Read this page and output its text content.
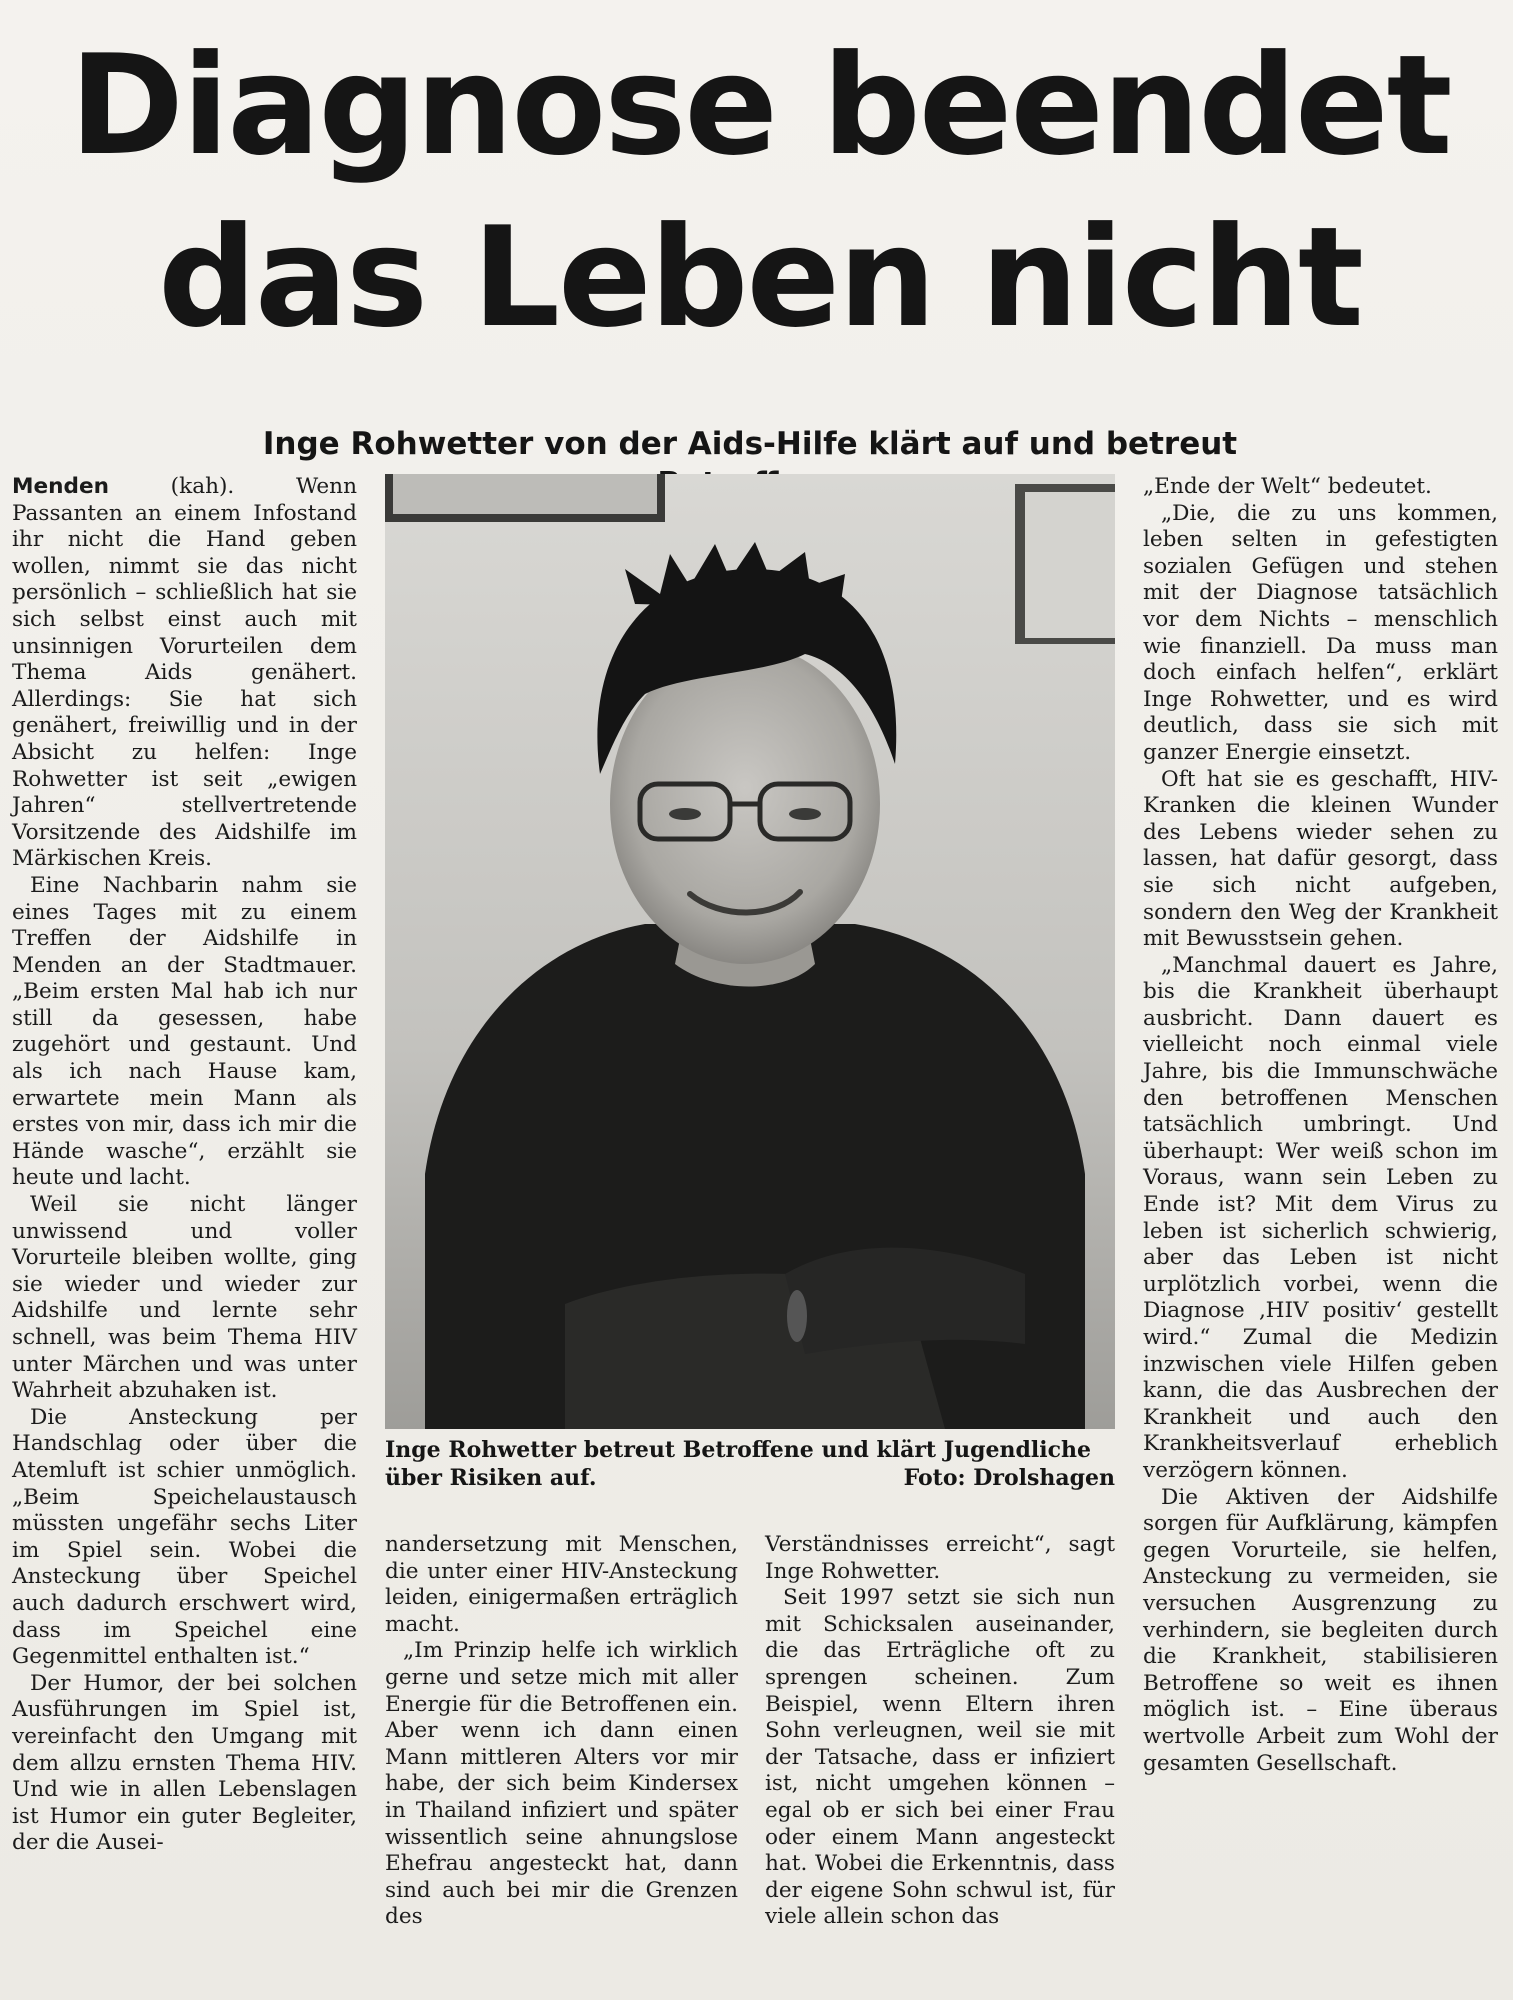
Diagnose beendet das Leben nicht
Inge Rohwetter von der Aids-Hilfe klärt auf und betreut

Menden (kah). Wenn Passanten an einem Infostand ihr nicht die Hand geben wollen, nimmt sie das nicht persönlich – schließlich hat sie sich selbst einst auch mit unsinnigen Vorurteilen dem Thema Aids genähert. Allerdings: Sie hat sich genähert, freiwillig und in der Absicht zu helfen: Inge Rohwetter ist seit „ewigen Jahren“ stellvertretende Vorsitzende des Aidshilfe im Märkischen Kreis.

Eine Nachbarin nahm sie eines Tages mit zu einem Treffen der Aidshilfe in Menden an der Stadtmauer. „Beim ersten Mal hab ich nur still da gesessen, habe zugehört und gestaunt. Und als ich nach Hause kam, erwartete mein Mann als erstes von mir, dass ich mir die Hände wasche“, erzählt sie heute und lacht.

Weil sie nicht länger unwissend und voller Vorurteile bleiben wollte, ging sie wieder und wieder zur Aidshilfe und lernte sehr schnell, was beim Thema HIV unter Märchen und was unter Wahrheit abzuhaken ist.

Die Ansteckung per Handschlag oder über die Atemluft ist schier unmöglich. „Beim Speichelaustausch müssten ungefähr sechs Liter im Spiel sein. Wobei die Ansteckung über Speichel auch dadurch erschwert wird, dass im Speichel eine Gegenmittel enthalten ist.“

Der Humor, der bei solchen Ausführungen im Spiel ist, vereinfacht den Umgang mit dem allzu ernsten Thema HIV. Und wie in allen Lebenslagen ist Humor ein guter Begleiter, der die Ausei-

Inge Rohwetter betreut Betroffene und klärt Jugendliche über Risiken auf.	Foto: Drolshagen

nandersetzung mit Menschen, die unter einer HIV-Ansteckung leiden, einigermaßen erträglich macht.

„Im Prinzip helfe ich wirklich gerne und setze mich mit aller Energie für die Betroffenen ein. Aber wenn ich dann einen Mann mittleren Alters vor mir habe, der sich beim Kindersex in Thailand infiziert und später wissentlich seine ahnungslose Ehefrau angesteckt hat, dann sind auch bei mir die Grenzen des

Verständnisses erreicht“, sagt Inge Rohwetter.

Seit 1997 setzt sie sich nun mit Schicksalen auseinander, die das Erträgliche oft zu sprengen scheinen. Zum Beispiel, wenn Eltern ihren Sohn verleugnen, weil sie mit der Tatsache, dass er infiziert ist, nicht umgehen können – egal ob er sich bei einer Frau oder einem Mann angesteckt hat. Wobei die Erkenntnis, dass der eigene Sohn schwul ist, für viele allein schon das

„Ende der Welt“ bedeutet.

„Die, die zu uns kommen, leben selten in gefestigten sozialen Gefügen und stehen mit der Diagnose tatsächlich vor dem Nichts – menschlich wie finanziell. Da muss man doch einfach helfen“, erklärt Inge Rohwetter, und es wird deutlich, dass sie sich mit ganzer Energie einsetzt.

Oft hat sie es geschafft, HIV-Kranken die kleinen Wunder des Lebens wieder sehen zu lassen, hat dafür gesorgt, dass sie sich nicht aufgeben, sondern den Weg der Krankheit mit Bewusstsein gehen.

„Manchmal dauert es Jahre, bis die Krankheit überhaupt ausbricht. Dann dauert es vielleicht noch einmal viele Jahre, bis die Immunschwäche den betroffenen Menschen tatsächlich umbringt. Und überhaupt: Wer weiß schon im Voraus, wann sein Leben zu Ende ist? Mit dem Virus zu leben ist sicherlich schwierig, aber das Leben ist nicht urplötzlich vorbei, wenn die Diagnose ‚HIV positiv‘ gestellt wird.“ Zumal die Medizin inzwischen viele Hilfen geben kann, die das Ausbrechen der Krankheit und auch den Krankheitsverlauf erheblich verzögern können.

Die Aktiven der Aidshilfe sorgen für Aufklärung, kämpfen gegen Vorurteile, sie helfen, Ansteckung zu vermeiden, sie versuchen Ausgrenzung zu verhindern, sie begleiten durch die Krankheit, stabilisieren Betroffene so weit es ihnen möglich ist. – Eine überaus wertvolle Arbeit zum Wohl der gesamten Gesellschaft.
